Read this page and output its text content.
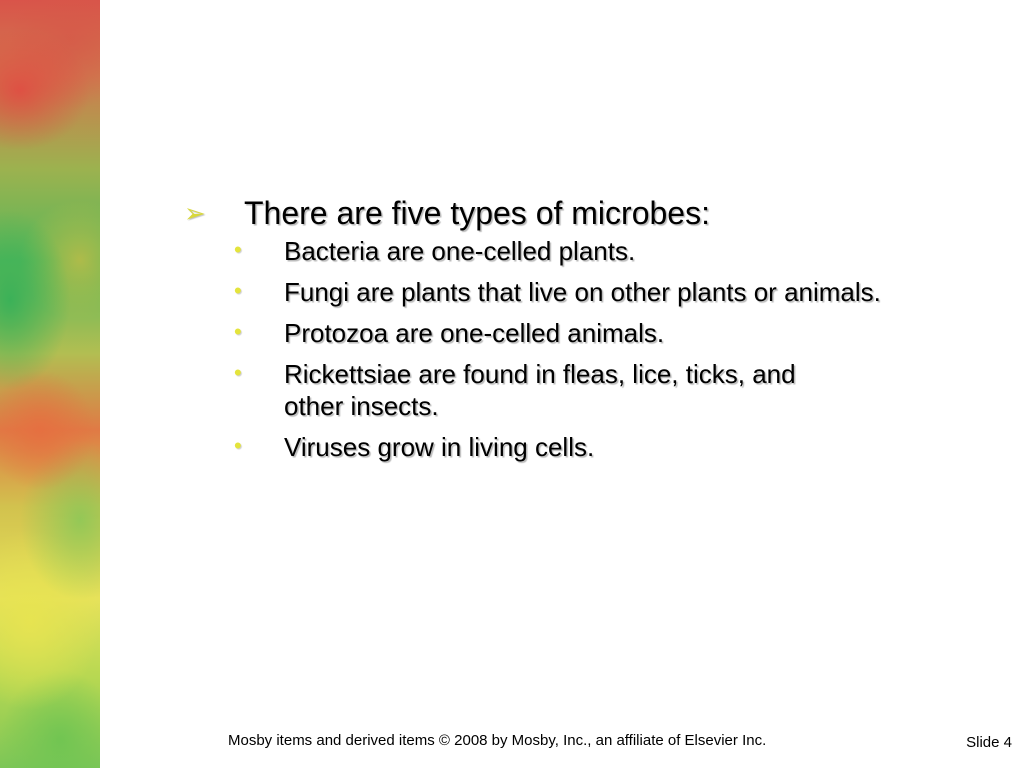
➢ There are five types of microbes:
• Bacteria are one-celled plants.
• Fungi are plants that live on other plants or animals.
• Protozoa are one-celled animals.
• Rickettsiae are found in fleas, lice, ticks, and other insects.
• Viruses grow in living cells.
Mosby items and derived items © 2008 by Mosby, Inc., an affiliate of Elsevier Inc.	Slide 4
